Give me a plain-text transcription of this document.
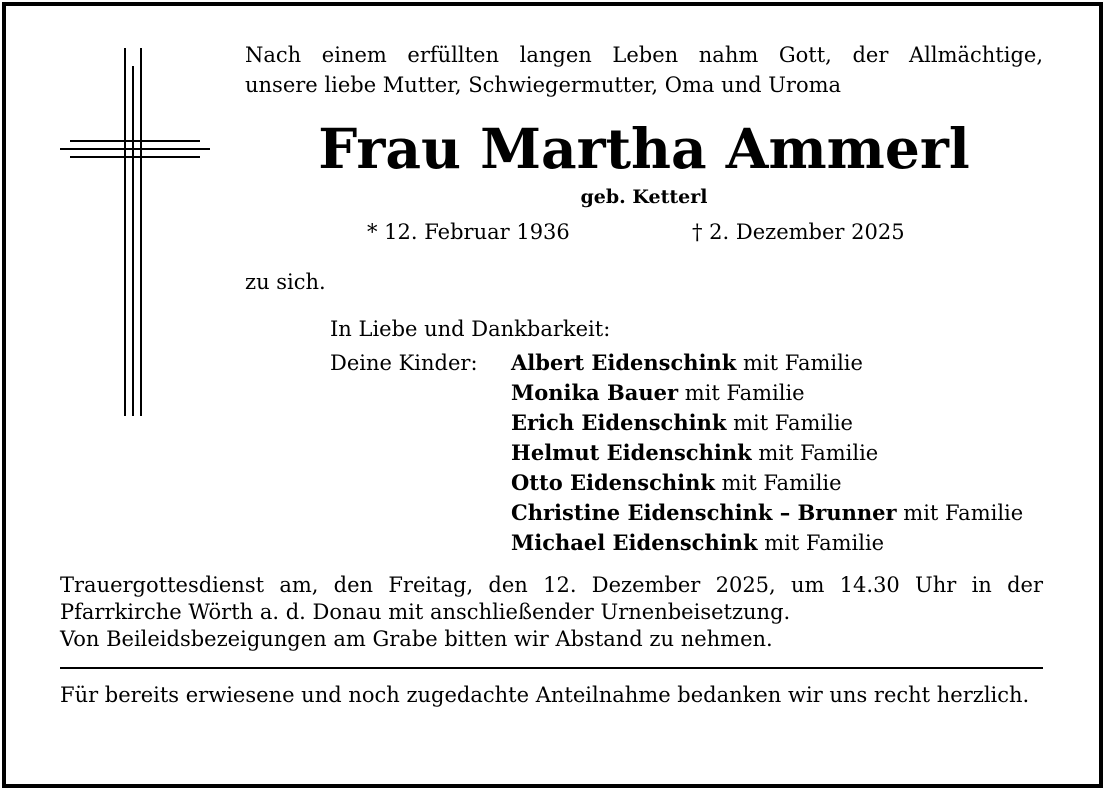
Nach einem erfüllten langen Leben nahm Gott, der Allmächtige,
unsere liebe Mutter, Schwiegermutter, Oma und Uroma
Frau Martha Ammerl
geb. Ketterl
* 12. Februar 1936	† 2. Dezember 2025
zu sich.
In Liebe und Dankbarkeit:
Deine Kinder: Albert Eidenschink mit Familie
Monika Bauer mit Familie
Erich Eidenschink mit Familie
Helmut Eidenschink mit Familie
Otto Eidenschink mit Familie
Christine Eidenschink – Brunner mit Familie
Michael Eidenschink mit Familie

Trauergottesdienst am, den Freitag, den 12. Dezember 2025, um 14.30 Uhr in der

Pfarrkirche Wörth a. d. Donau mit anschließender Urnenbeisetzung.

Von Beileidsbezeigungen am Grabe bitten wir Abstand zu nehmen.

Für bereits erwiesene und noch zugedachte Anteilnahme bedanken wir uns recht herzlich.
